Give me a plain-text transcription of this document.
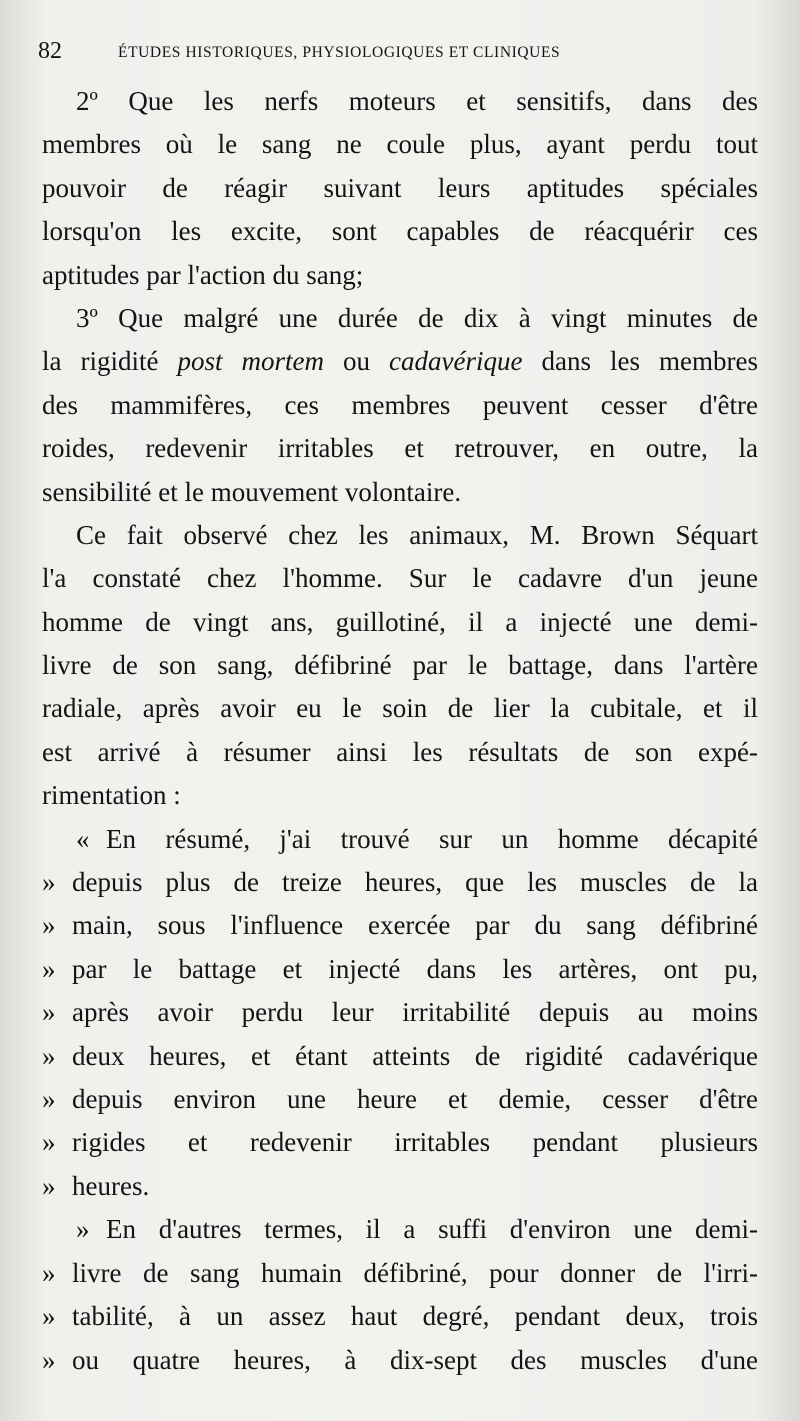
82	ÉTUDES HISTORIQUES, PHYSIOLOGIQUES ET CLINIQUES
2º Que les nerfs moteurs et sensitifs, dans des
membres où le sang ne coule plus, ayant perdu tout
pouvoir de réagir suivant leurs aptitudes spéciales
lorsqu'on les excite, sont capables de réacquérir ces
aptitudes par l'action du sang;
3º Que malgré une durée de dix à vingt minutes de
la rigidité post mortem ou cadavérique dans les membres
des mammifères, ces membres peuvent cesser d'être
roides, redevenir irritables et retrouver, en outre, la
sensibilité et le mouvement volontaire.
Ce fait observé chez les animaux, M. Brown Séquart
l'a constaté chez l'homme. Sur le cadavre d'un jeune
homme de vingt ans, guillotiné, il a injecté une demi-
livre de son sang, défibriné par le battage, dans l'artère
radiale, après avoir eu le soin de lier la cubitale, et il
est arrivé à résumer ainsi les résultats de son expé-
rimentation :
« En résumé, j'ai trouvé sur un homme décapité
» depuis plus de treize heures, que les muscles de la
» main, sous l'influence exercée par du sang défibriné
» par le battage et injecté dans les artères, ont pu,
» après avoir perdu leur irritabilité depuis au moins
» deux heures, et étant atteints de rigidité cadavérique
» depuis environ une heure et demie, cesser d'être
» rigides et redevenir irritables pendant plusieurs
» heures.
» En d'autres termes, il a suffi d'environ une demi-
» livre de sang humain défibriné, pour donner de l'irri-
» tabilité, à un assez haut degré, pendant deux, trois
» ou quatre heures, à dix-sept des muscles d'une
